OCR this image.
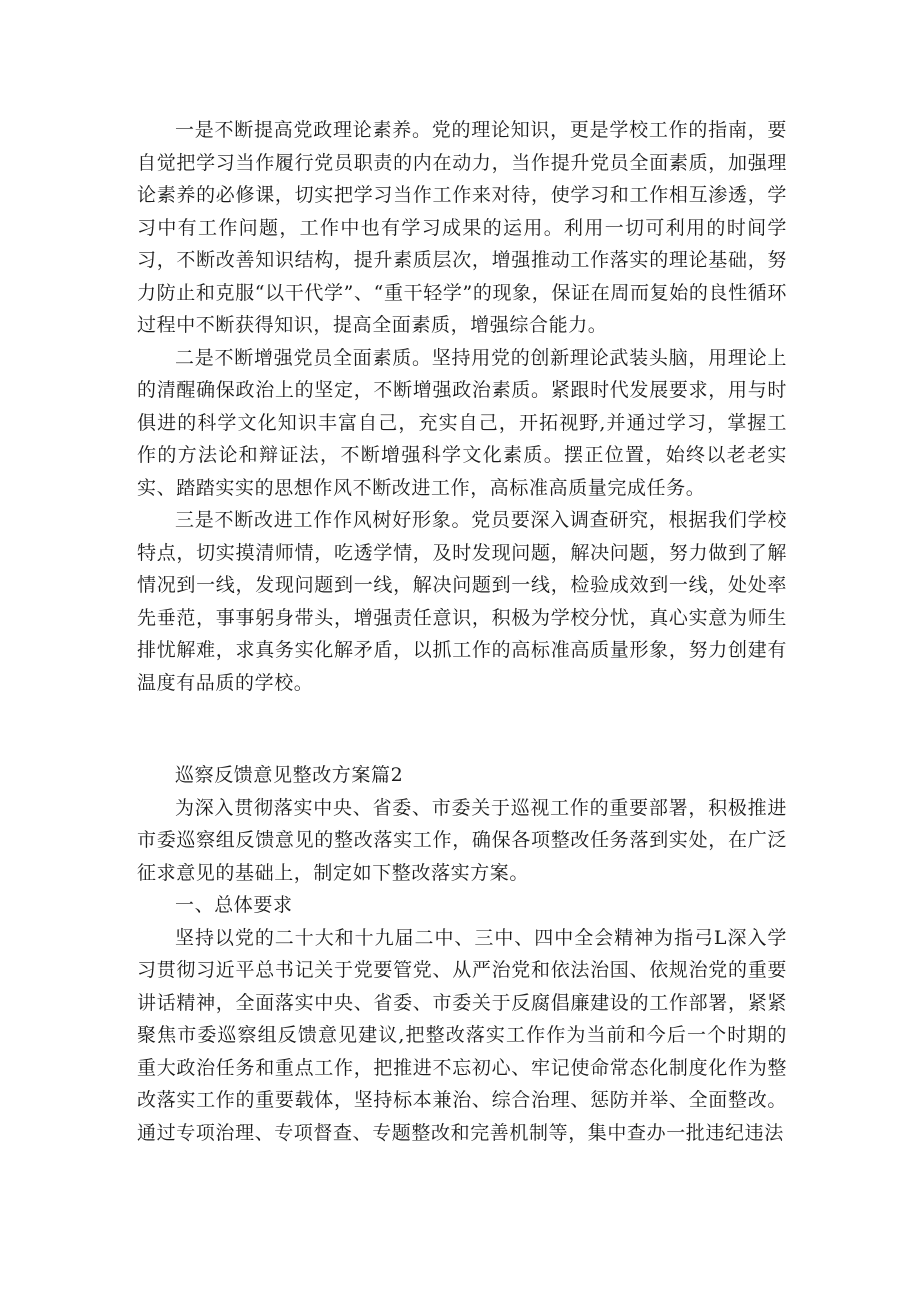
一是不断提高党政理论素养。党的理论知识，更是学校工作的指南，要自觉把学习当作履行党员职责的内在动力，当作提升党员全面素质，加强理论素养的必修课，切实把学习当作工作来对待，使学习和工作相互渗透，学习中有工作问题，工作中也有学习成果的运用。利用一切可利用的时间学习，不断改善知识结构，提升素质层次，增强推动工作落实的理论基础，努力防止和克服“以干代学”、“重干轻学”的现象，保证在周而复始的良性循环过程中不断获得知识，提高全面素质，增强综合能力。

二是不断增强党员全面素质。坚持用党的创新理论武装头脑，用理论上的清醒确保政治上的坚定，不断增强政治素质。紧跟时代发展要求，用与时俱进的科学文化知识丰富自己，充实自己，开拓视野,并通过学习，掌握工作的方法论和辩证法，不断增强科学文化素质。摆正位置，始终以老老实实、踏踏实实的思想作风不断改进工作，高标准高质量完成任务。

三是不断改进工作作风树好形象。党员要深入调查研究，根据我们学校特点，切实摸清师情，吃透学情，及时发现问题，解决问题，努力做到了解情况到一线，发现问题到一线，解决问题到一线，检验成效到一线，处处率先垂范，事事躬身带头，增强责任意识，积极为学校分忧，真心实意为师生排忧解难，求真务实化解矛盾，以抓工作的高标准高质量形象，努力创建有温度有品质的学校。

巡察反馈意见整改方案篇2

为深入贯彻落实中央、省委、市委关于巡视工作的重要部署，积极推进市委巡察组反馈意见的整改落实工作，确保各项整改任务落到实处，在广泛征求意见的基础上，制定如下整改落实方案。

一、总体要求

坚持以党的二十大和十九届二中、三中、四中全会精神为指弓L深入学习贯彻习近平总书记关于党要管党、从严治党和依法治国、依规治党的重要讲话精神，全面落实中央、省委、市委关于反腐倡廉建设的工作部署，紧紧聚焦市委巡察组反馈意见建议,把整改落实工作作为当前和今后一个时期的重大政治任务和重点工作，把推进不忘初心、牢记使命常态化制度化作为整改落实工作的重要载体，坚持标本兼治、综合治理、惩防并举、全面整改。通过专项治理、专项督查、专题整改和完善机制等，集中查办一批违纪违法
